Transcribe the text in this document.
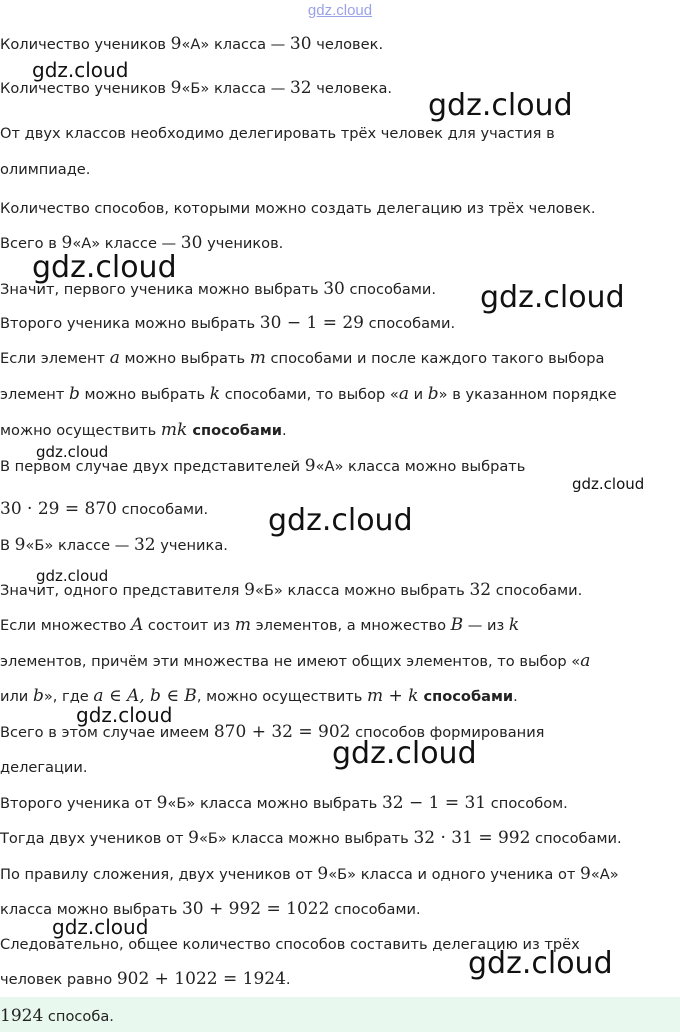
gdz.cloud
Количество учеников 9«А» класса — 30 человек.
Количество учеников 9«Б» класса — 32 человека.
От двух классов необходимо делегировать трёх человек для участия в
олимпиаде.
Количество способов, которыми можно создать делегацию из трёх человек.
Всего в 9«А» классе — 30 учеников.
Значит, первого ученика можно выбрать 30 способами.
Второго ученика можно выбрать 30 − 1 = 29 способами.
Если элемент a можно выбрать m способами и после каждого такого выбора
элемент b можно выбрать k способами, то выбор «a и b» в указанном порядке
можно осуществить mk способами.
В первом случае двух представителей 9«А» класса можно выбрать
30 · 29 = 870 способами.
В 9«Б» классе — 32 ученика.
Значит, одного представителя 9«Б» класса можно выбрать 32 способами.
Если множество A состоит из m элементов, а множество B — из k
элементов, причём эти множества не имеют общих элементов, то выбор «a
или b», где a ∈ A, b ∈ B, можно осуществить m + k способами.
Всего в этом случае имеем 870 + 32 = 902 способов формирования
делегации.
Второго ученика от 9«Б» класса можно выбрать 32 − 1 = 31 способом.
Тогда двух учеников от 9«Б» класса можно выбрать 32 · 31 = 992 способами.
По правилу сложения, двух учеников от 9«Б» класса и одного ученика от 9«А»
класса можно выбрать 30 + 992 = 1022 способами.
Следовательно, общее количество способов составить делегацию из трёх
человек равно 902 + 1022 = 1924.
1924 способа.
gdz.cloud
gdz.cloud
gdz.cloud
gdz.cloud
gdz.cloud
gdz.cloud
gdz.cloud
gdz.cloud
gdz.cloud
gdz.cloud
gdz.cloud
gdz.cloud
